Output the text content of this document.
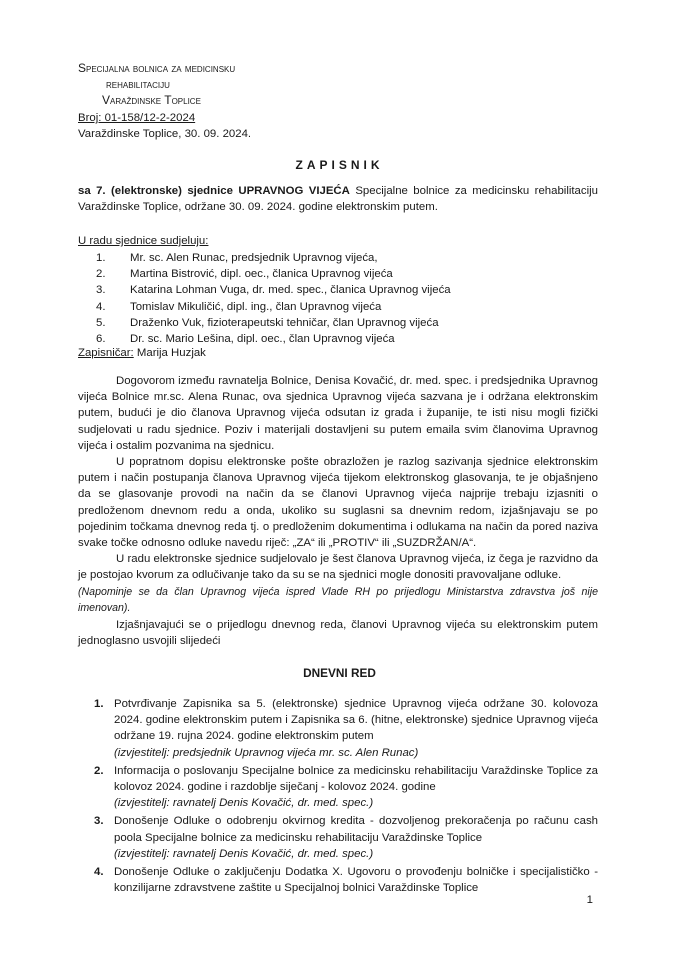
Specijalna bolnica za medicinsku
rehabilitaciju
Varaždinske Toplice
Broj: 01-158/12-2-2024
Varaždinske Toplice, 30. 09. 2024.
ZAPISNIK
sa 7. (elektronske) sjednice UPRAVNOG VIJEĆA Specijalne bolnice za medicinsku rehabilitaciju Varaždinske Toplice, održane 30. 09. 2024. godine elektronskim putem.
U radu sjednice sudjeluju:
1. Mr. sc. Alen Runac, predsjednik Upravnog vijeća,
2. Martina Bistrović, dipl. oec., članica Upravnog vijeća
3. Katarina Lohman Vuga, dr. med. spec., članica Upravnog vijeća
4. Tomislav Mikuličić, dipl. ing., član Upravnog vijeća
5. Draženko Vuk, fizioterapeutski tehničar, član Upravnog vijeća
6. Dr. sc. Mario Lešina, dipl. oec., član Upravnog vijeća
Zapisničar: Marija Huzjak

Dogovorom između ravnatelja Bolnice, Denisa Kovačić, dr. med. spec. i predsjednika Upravnog vijeća Bolnice mr.sc. Alena Runac, ova sjednica Upravnog vijeća sazvana je i održana elektronskim putem, budući je dio članova Upravnog vijeća odsutan iz grada i županije, te isti nisu mogli fizički sudjelovati u radu sjednice. Poziv i materijali dostavljeni su putem emaila svim članovima Upravnog vijeća i ostalim pozvanima na sjednicu.

U popratnom dopisu elektronske pošte obrazložen je razlog sazivanja sjednice elektronskim putem i način postupanja članova Upravnog vijeća tijekom elektronskog glasovanja, te je objašnjeno da se glasovanje provodi na način da se članovi Upravnog vijeća najprije trebaju izjasniti o predloženom dnevnom redu a onda, ukoliko su suglasni sa dnevnim redom, izjašnjavaju se po pojedinim točkama dnevnog reda tj. o predloženim dokumentima i odlukama na način da pored naziva svake točke odnosno odluke navedu riječ: „ZA“ ili „PROTIV“ ili „SUZDRŽAN/A“.

U radu elektronske sjednice sudjelovalo je šest članova Upravnog vijeća, iz čega je razvidno da je postojao kvorum za odlučivanje tako da su se na sjednici mogle donositi pravovaljane odluke.

(Napominje se da član Upravnog vijeća ispred Vlade RH po prijedlogu Ministarstva zdravstva još nije imenovan).

Izjašnjavajući se o prijedlogu dnevnog reda, članovi Upravnog vijeća su elektronskim putem jednoglasno usvojili slijedeći

DNEVNI RED
1. Potvrđivanje Zapisnika sa 5. (elektronske) sjednice Upravnog vijeća održane 30. kolovoza 2024. godine elektronskim putem i Zapisnika sa 6. (hitne, elektronske) sjednice Upravnog vijeća održane 19. rujna 2024. godine elektronskim putem
(izvjestitelj: predsjednik Upravnog vijeća mr. sc. Alen Runac)
2. Informacija o poslovanju Specijalne bolnice za medicinsku rehabilitaciju Varaždinske Toplice za kolovoz 2024. godine i razdoblje siječanj - kolovoz 2024. godine
(izvjestitelj: ravnatelj Denis Kovačić, dr. med. spec.)
3. Donošenje Odluke o odobrenju okvirnog kredita - dozvoljenog prekoračenja po računu cash poola Specijalne bolnice za medicinsku rehabilitaciju Varaždinske Toplice
(izvjestitelj: ravnatelj Denis Kovačić, dr. med. spec.)
4. Donošenje Odluke o zaključenju Dodatka X. Ugovoru o provođenju bolničke i specijalističko - konzilijarne zdravstvene zaštite u Specijalnoj bolnici Varaždinske Toplice
1
